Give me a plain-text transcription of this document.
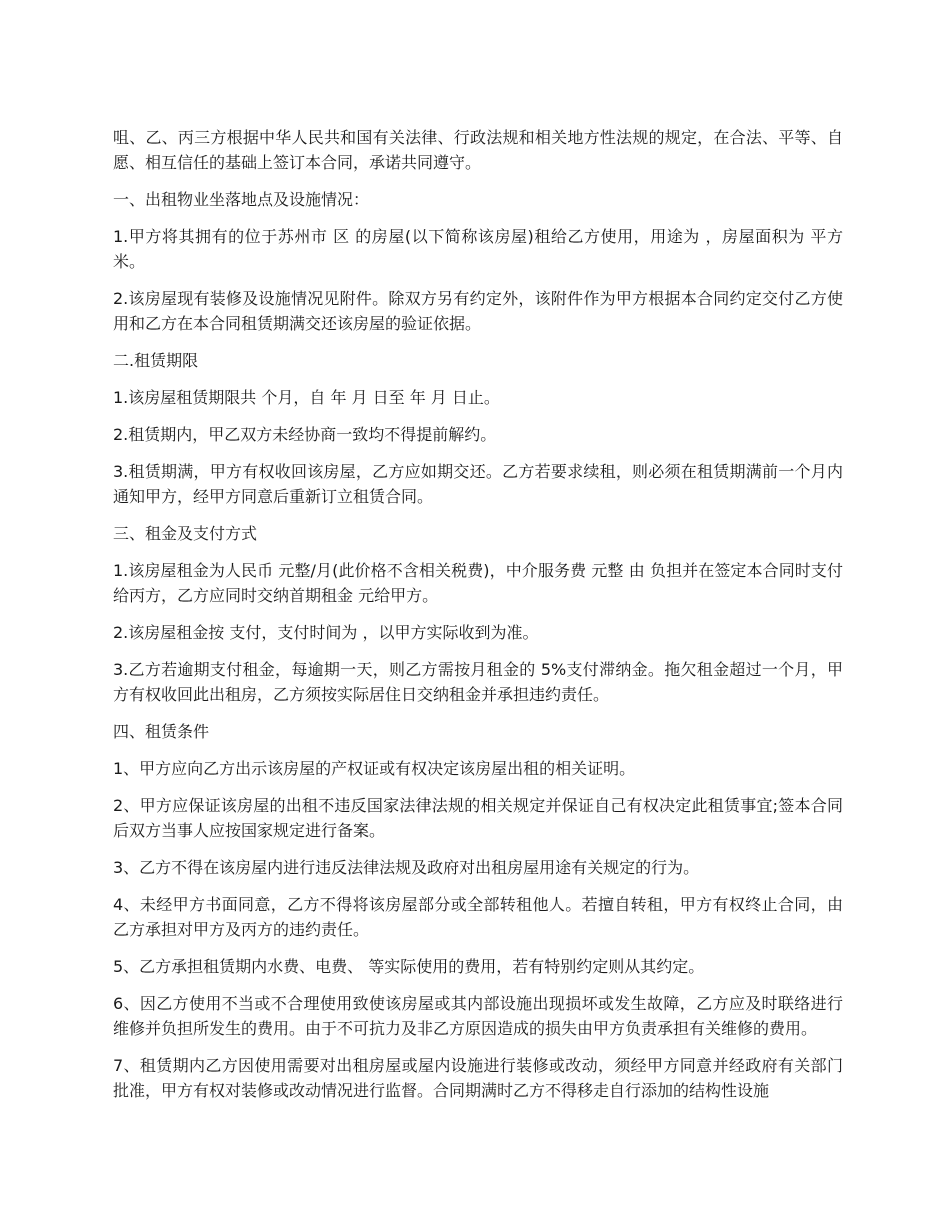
咀、乙、丙三方根据中华人民共和国有关法律、行政法规和相关地方性法规的规定，在合法、平等、自愿、相互信任的基础上签订本合同，承诺共同遵守。

一、出租物业坐落地点及设施情况：

1.甲方将其拥有的位于苏州市 区 的房屋(以下简称该房屋)租给乙方使用，用途为 ，房屋面积为 平方米。

2.该房屋现有装修及设施情况见附件。除双方另有约定外，该附件作为甲方根据本合同约定交付乙方使用和乙方在本合同租赁期满交还该房屋的验证依据。

二.租赁期限

1.该房屋租赁期限共 个月，自 年 月 日至 年 月 日止。

2.租赁期内，甲乙双方未经协商一致均不得提前解约。

3.租赁期满，甲方有权收回该房屋，乙方应如期交还。乙方若要求续租，则必须在租赁期满前一个月内通知甲方，经甲方同意后重新订立租赁合同。

三、租金及支付方式

1.该房屋租金为人民币 元整/月(此价格不含相关税费)，中介服务费 元整 由 负担并在签定本合同时支付给丙方，乙方应同时交纳首期租金 元给甲方。

2.该房屋租金按 支付，支付时间为 ，以甲方实际收到为准。

3.乙方若逾期支付租金，每逾期一天，则乙方需按月租金的 5%支付滞纳金。拖欠租金超过一个月，甲方有权收回此出租房，乙方须按实际居住日交纳租金并承担违约责任。

四、租赁条件

1、甲方应向乙方出示该房屋的产权证或有权决定该房屋出租的相关证明。

2、甲方应保证该房屋的出租不违反国家法律法规的相关规定并保证自己有权决定此租赁事宜;签本合同后双方当事人应按国家规定进行备案。

3、乙方不得在该房屋内进行违反法律法规及政府对出租房屋用途有关规定的行为。

4、未经甲方书面同意，乙方不得将该房屋部分或全部转租他人。若擅自转租，甲方有权终止合同，由乙方承担对甲方及丙方的违约责任。

5、乙方承担租赁期内水费、电费、 等实际使用的费用，若有特别约定则从其约定。

6、因乙方使用不当或不合理使用致使该房屋或其内部设施出现损坏或发生故障，乙方应及时联络进行维修并负担所发生的费用。由于不可抗力及非乙方原因造成的损失由甲方负责承担有关维修的费用。

7、租赁期内乙方因使用需要对出租房屋或屋内设施进行装修或改动，须经甲方同意并经政府有关部门批准，甲方有权对装修或改动情况进行监督。合同期满时乙方不得移走自行添加的结构性设施
